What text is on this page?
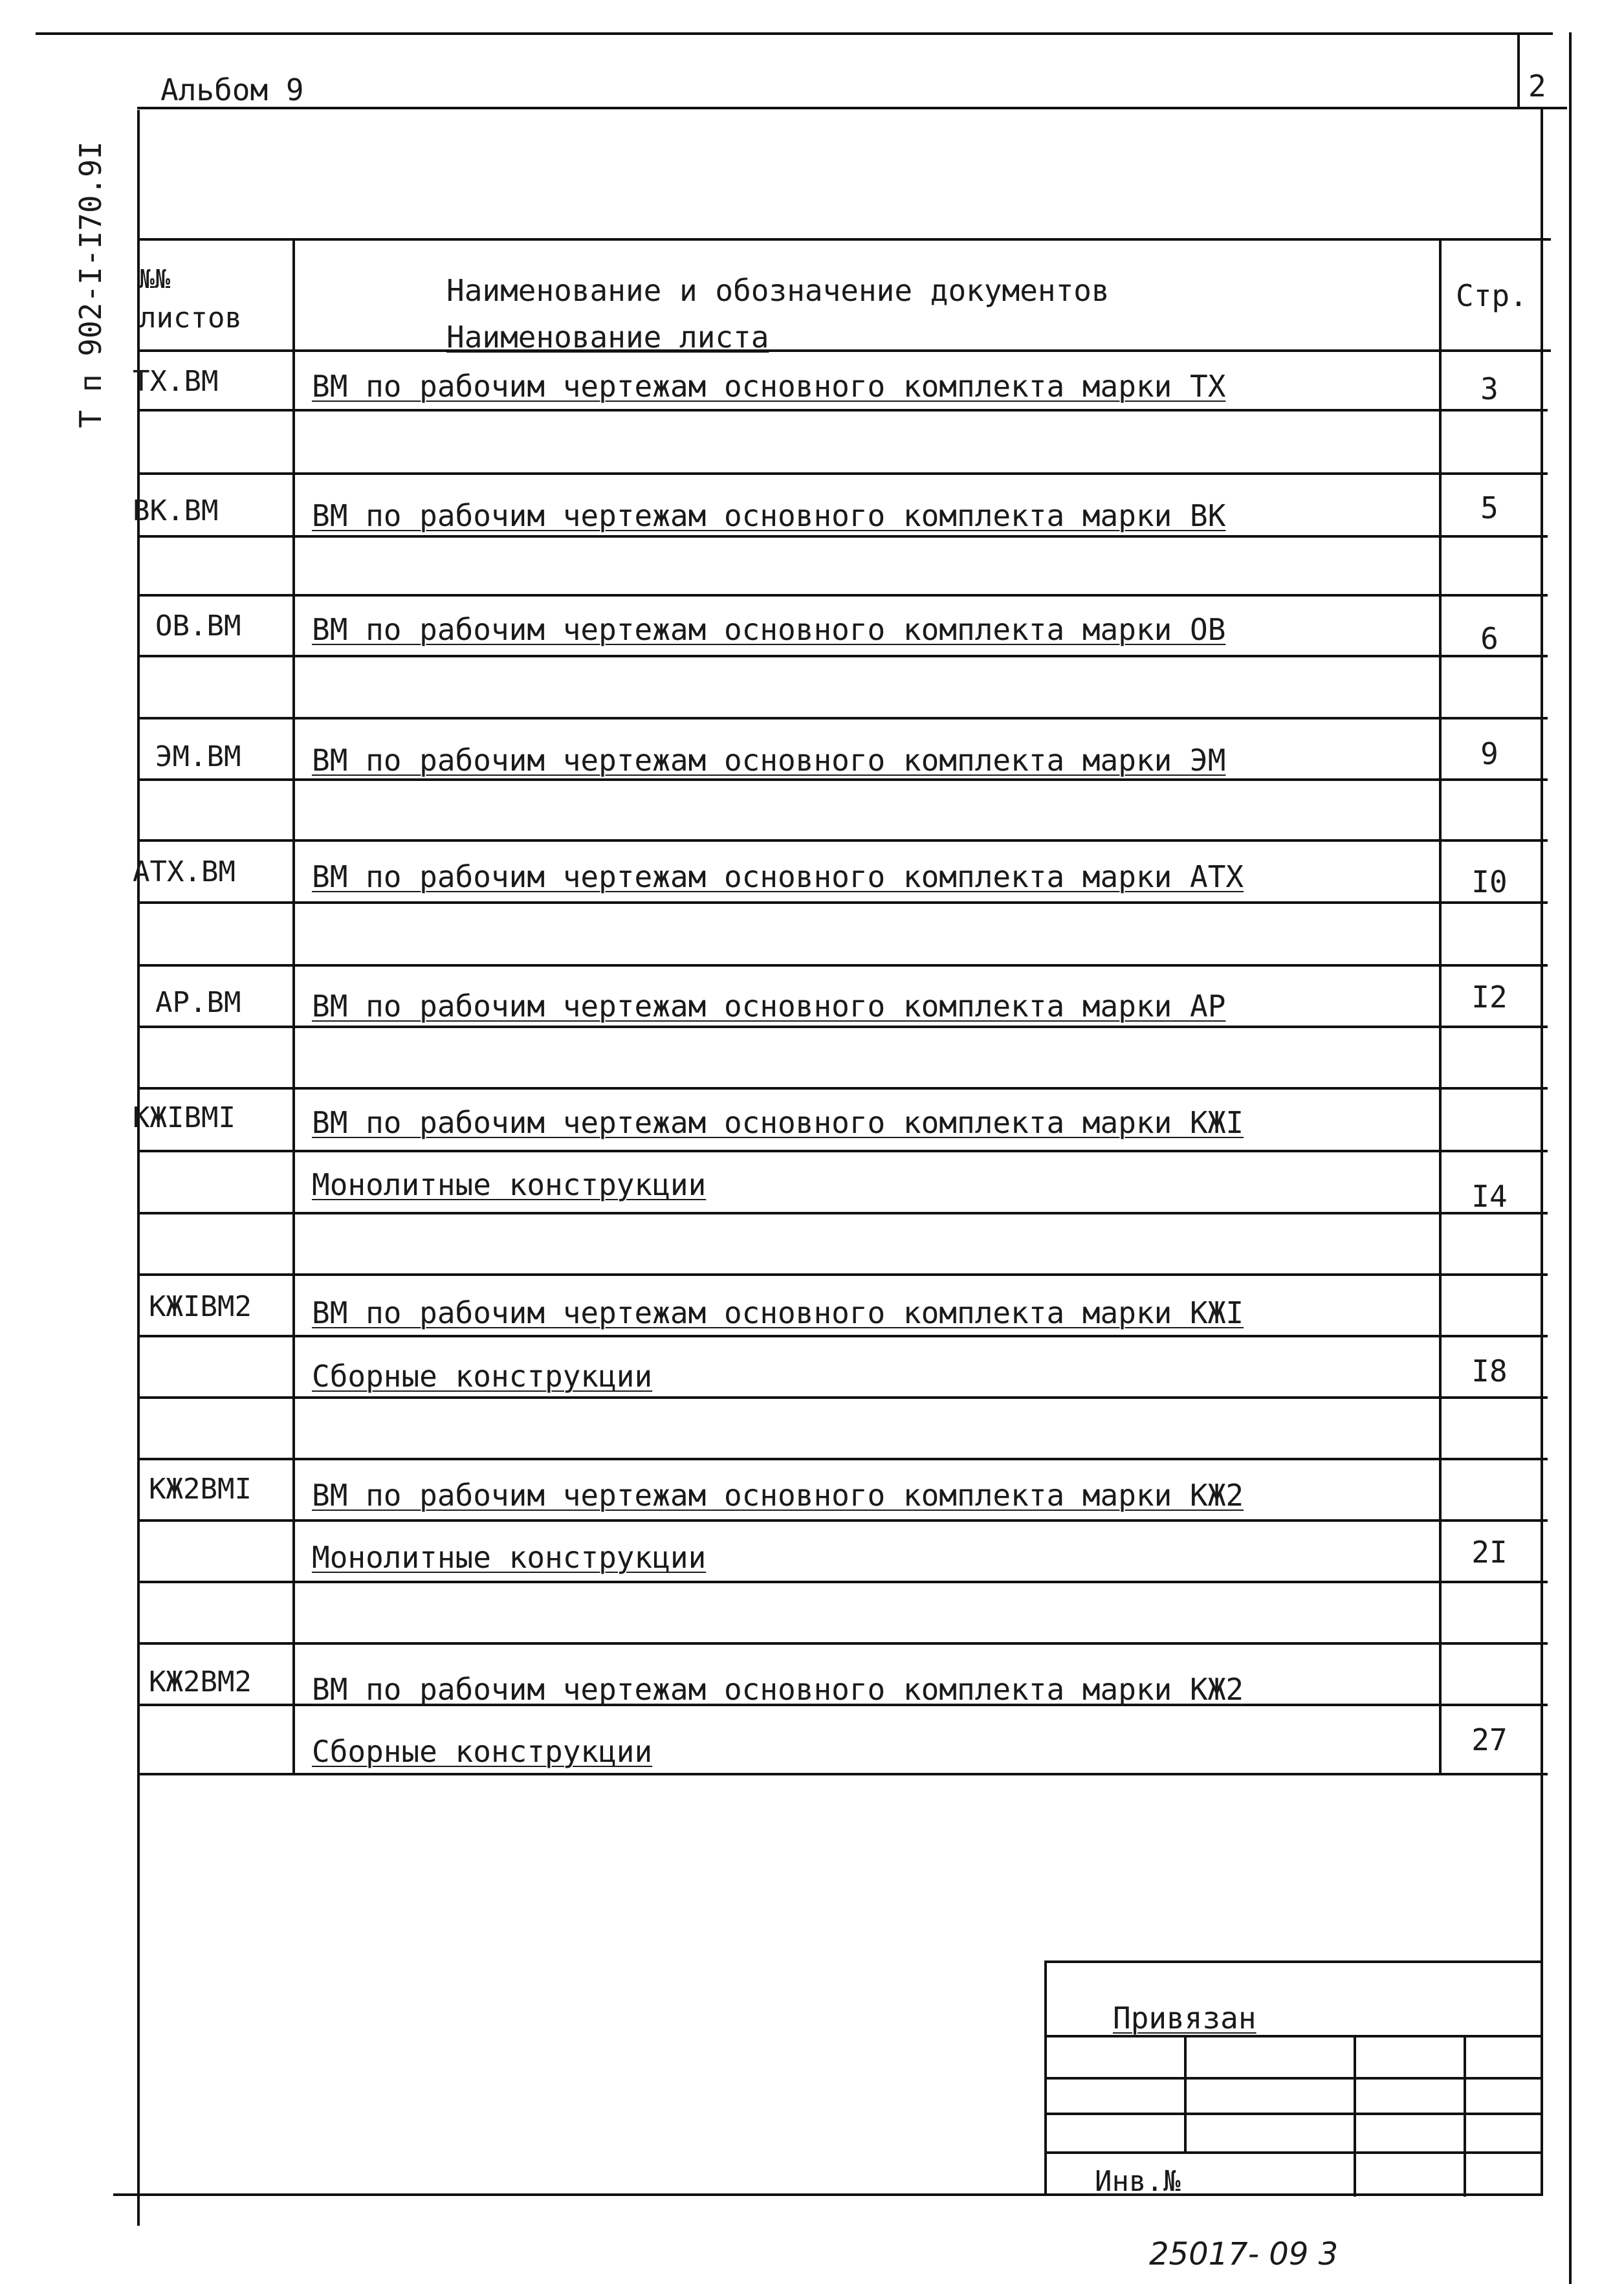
Альбом 9	2
Т п 902-I-I70.9I №№
листов
Наименование и обозначение документов
Наименование листа
Стр.
ТХ.ВМ	ВМ по рабочим чертежам основного комплекта марки ТХ	3
ВК.ВМ	ВМ по рабочим чертежам основного комплекта марки ВК	5
ОВ.ВМ ВМ по рабочим чертежам основного комплекта марки ОВ	6
ЭМ.ВМ ВМ по рабочим чертежам основного комплекта марки ЭМ	9
АТХ.ВМ	ВМ по рабочим чертежам основного комплекта марки АТХ	I0
АР.ВМ ВМ по рабочим чертежам основного комплекта марки АР	I2
КЖIВМI	ВМ по рабочим чертежам основного комплекта марки КЖI
Монолитные конструкции	I4
КЖIВМ2 ВМ по рабочим чертежам основного комплекта марки КЖI
Сборные конструкции	I8
КЖ2ВМI ВМ по рабочим чертежам основного комплекта марки КЖ2
Монолитные конструкции	2I
КЖ2ВМ2 ВМ по рабочим чертежам основного комплекта марки КЖ2
Сборные конструкции	27
Привязан
Инв.№
25017- 09 3
